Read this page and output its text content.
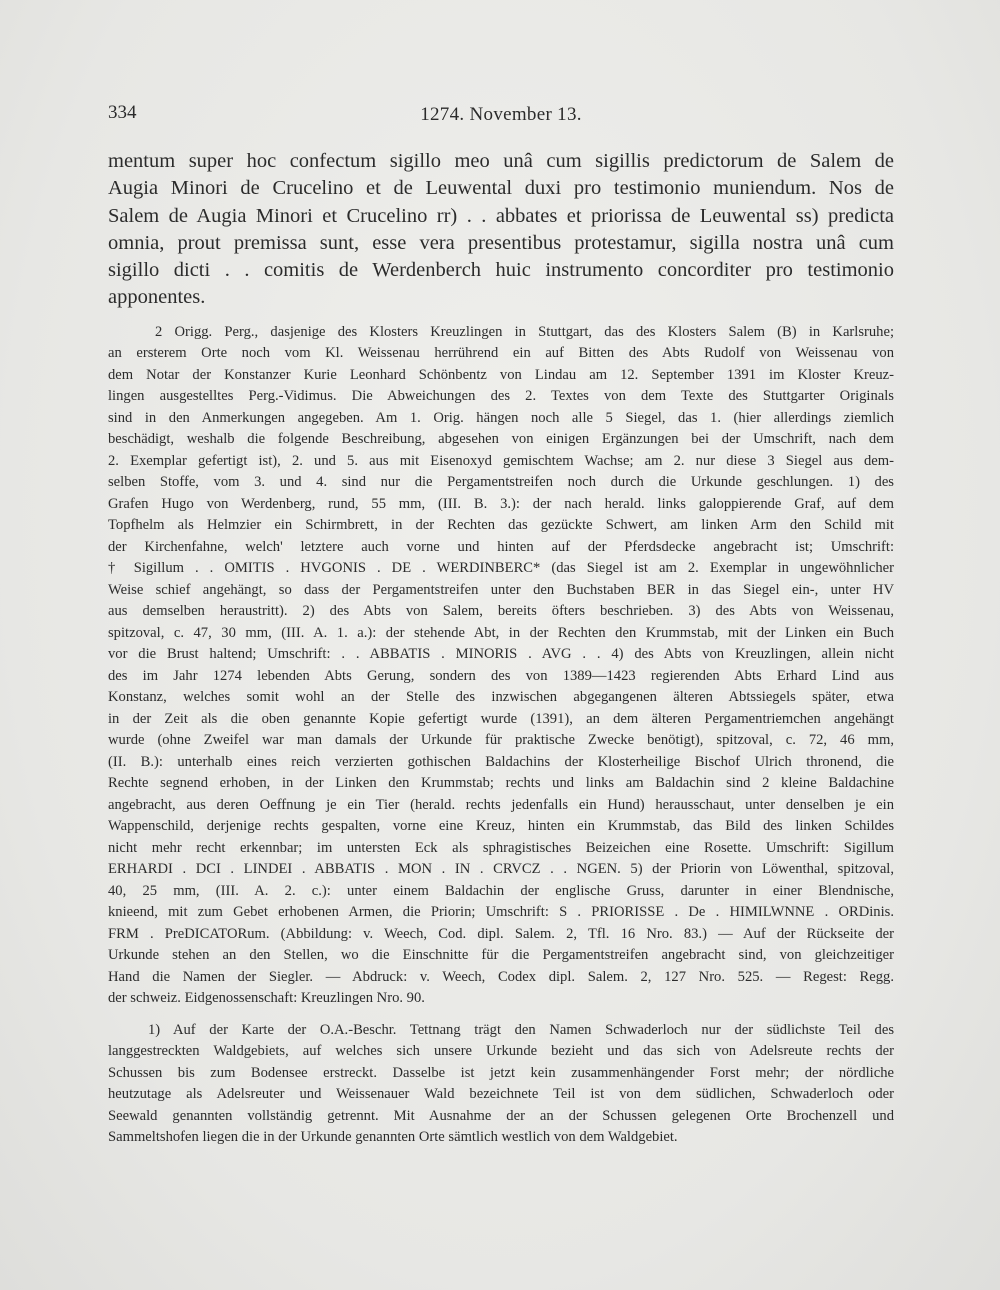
334	1274. November 13.
mentum super hoc confectum sigillo meo unâ cum sigillis predictorum de Salem de
Augia Minori de Crucelino et de Leuwental duxi pro testimonio muniendum. Nos de
Salem de Augia Minori et Crucelino rr) . . abbates et priorissa de Leuwental ss) predicta
omnia, prout premissa sunt, esse vera presentibus protestamur, sigilla nostra unâ cum
sigillo dicti . . comitis de Werdenberch huic instrumento concorditer pro testimonio
apponentes.
2 Origg. Perg., dasjenige des Klosters Kreuzlingen in Stuttgart, das des Klosters Salem (B) in Karlsruhe;
an ersterem Orte noch vom Kl. Weissenau herrührend ein auf Bitten des Abts Rudolf von Weissenau von
dem Notar der Konstanzer Kurie Leonhard Schönbentz von Lindau am 12. September 1391 im Kloster Kreuz-
lingen ausgestelltes Perg.-Vidimus. Die Abweichungen des 2. Textes von dem Texte des Stuttgarter Originals
sind in den Anmerkungen angegeben. Am 1. Orig. hängen noch alle 5 Siegel, das 1. (hier allerdings ziemlich
beschädigt, weshalb die folgende Beschreibung, abgesehen von einigen Ergänzungen bei der Umschrift, nach dem
2. Exemplar gefertigt ist), 2. und 5. aus mit Eisenoxyd gemischtem Wachse; am 2. nur diese 3 Siegel aus dem-
selben Stoffe, vom 3. und 4. sind nur die Pergamentstreifen noch durch die Urkunde geschlungen. 1) des
Grafen Hugo von Werdenberg, rund, 55 mm, (III. B. 3.): der nach herald. links galoppierende Graf, auf dem
Topfhelm als Helmzier ein Schirmbrett, in der Rechten das gezückte Schwert, am linken Arm den Schild mit
der Kirchenfahne, welch' letztere auch vorne und hinten auf der Pferdsdecke angebracht ist; Umschrift:
† Sigillum . . OMITIS . HVGONIS . DE . WERDINBERC* (das Siegel ist am 2. Exemplar in ungewöhnlicher
Weise schief angehängt, so dass der Pergamentstreifen unter den Buchstaben BER in das Siegel ein-, unter HV
aus demselben heraustritt). 2) des Abts von Salem, bereits öfters beschrieben. 3) des Abts von Weissenau,
spitzoval, c. 47, 30 mm, (III. A. 1. a.): der stehende Abt, in der Rechten den Krummstab, mit der Linken ein Buch
vor die Brust haltend; Umschrift: . . ABBATIS . MINORIS . AVG . . 4) des Abts von Kreuzlingen, allein nicht
des im Jahr 1274 lebenden Abts Gerung, sondern des von 1389—1423 regierenden Abts Erhard Lind aus
Konstanz, welches somit wohl an der Stelle des inzwischen abgegangenen älteren Abtssiegels später, etwa
in der Zeit als die oben genannte Kopie gefertigt wurde (1391), an dem älteren Pergamentriemchen angehängt
wurde (ohne Zweifel war man damals der Urkunde für praktische Zwecke benötigt), spitzoval, c. 72, 46 mm,
(II. B.): unterhalb eines reich verzierten gothischen Baldachins der Klosterheilige Bischof Ulrich thronend, die
Rechte segnend erhoben, in der Linken den Krummstab; rechts und links am Baldachin sind 2 kleine Baldachine
angebracht, aus deren Oeffnung je ein Tier (herald. rechts jedenfalls ein Hund) herausschaut, unter denselben je ein
Wappenschild, derjenige rechts gespalten, vorne eine Kreuz, hinten ein Krummstab, das Bild des linken Schildes
nicht mehr recht erkennbar; im untersten Eck als sphragistisches Beizeichen eine Rosette. Umschrift: Sigillum
ERHARDI . DCI . LINDEI . ABBATIS . MON . IN . CRVCZ . . NGEN. 5) der Priorin von Löwenthal, spitzoval,
40, 25 mm, (III. A. 2. c.): unter einem Baldachin der englische Gruss, darunter in einer Blendnische,
knieend, mit zum Gebet erhobenen Armen, die Priorin; Umschrift: S . PRIORISSE . De . HIMILWNNE . ORDinis.
FRM . PreDICATORum. (Abbildung: v. Weech, Cod. dipl. Salem. 2, Tfl. 16 Nro. 83.) — Auf der Rückseite der
Urkunde stehen an den Stellen, wo die Einschnitte für die Pergamentstreifen angebracht sind, von gleichzeitiger
Hand die Namen der Siegler. — Abdruck: v. Weech, Codex dipl. Salem. 2, 127 Nro. 525. — Regest: Regg.
der schweiz. Eidgenossenschaft: Kreuzlingen Nro. 90.
1) Auf der Karte der O.A.-Beschr. Tettnang trägt den Namen Schwaderloch nur der südlichste Teil des
langgestreckten Waldgebiets, auf welches sich unsere Urkunde bezieht und das sich von Adelsreute rechts der
Schussen bis zum Bodensee erstreckt. Dasselbe ist jetzt kein zusammenhängender Forst mehr; der nördliche
heutzutage als Adelsreuter und Weissenauer Wald bezeichnete Teil ist von dem südlichen, Schwaderloch oder
Seewald genannten vollständig getrennt. Mit Ausnahme der an der Schussen gelegenen Orte Brochenzell und
Sammeltshofen liegen die in der Urkunde genannten Orte sämtlich westlich von dem Waldgebiet.
